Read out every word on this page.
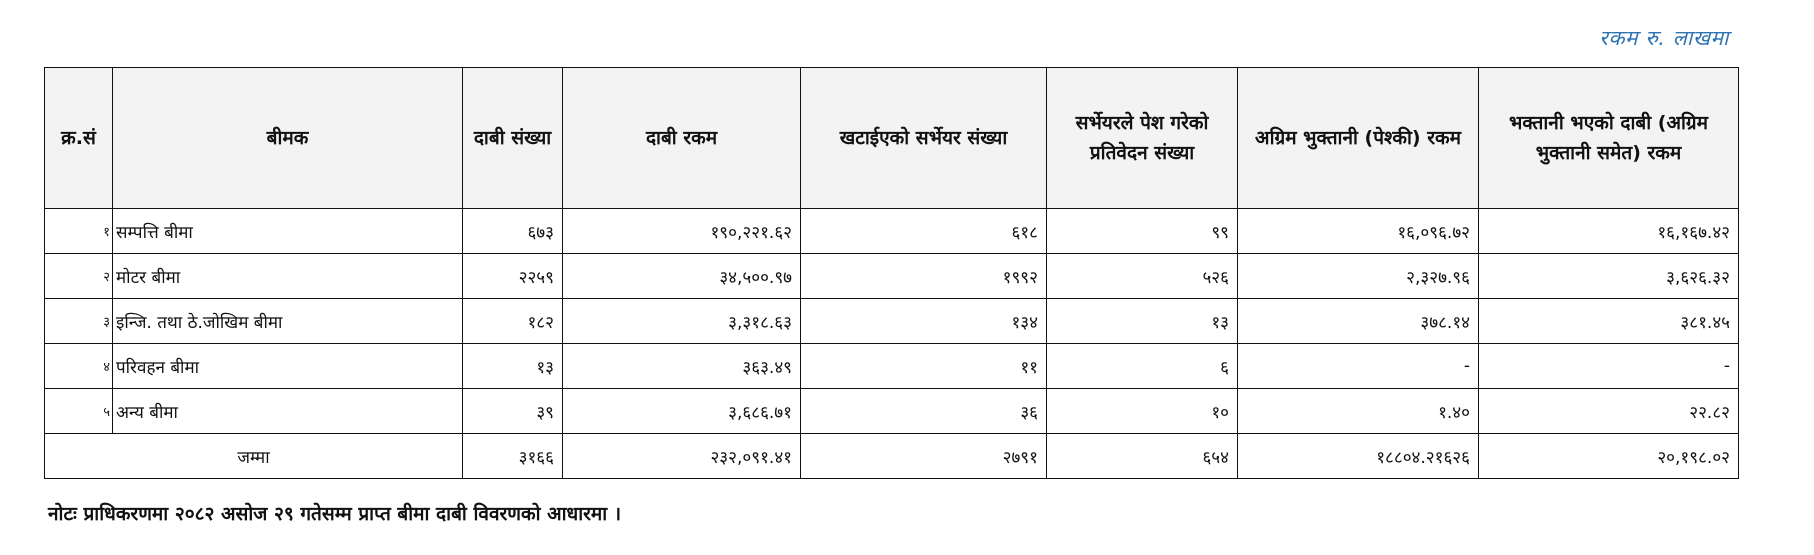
रकम रु. लाखमा
क्र.सं	बीमक	दाबी संख्या	दाबी रकम	खटाईएको सर्भेयर संख्या	सर्भेयरले पेश गरेको प्रतिवेदन संख्या	अग्रिम भुक्तानी (पेश्की) रकम	भक्तानी भएको दाबी (अग्रिम भुक्तानी समेत) रकम
१	सम्पत्ति बीमा	६७३	१९०,२२१.६२	६१८	९९	१६,०९६.७२	१६,१६७.४२
२	मोटर बीमा	२२५९	३४,५००.९७	१९९२	५२६	२,३२७.९६	३,६२६.३२
३	इन्जि. तथा ठे.जोखिम बीमा	१८२	३,३१८.६३	१३४	१३	३७८.१४	३८१.४५
४	परिवहन बीमा	१३	३६३.४९	११	६	-	-
५	अन्य बीमा	३९	३,६८६.७१	३६	१०	१.४०	२२.८२
जम्मा		३१६६	२३२,०९१.४१	२७९१	६५४	१८८०४.२१६२६	२०,१९८.०२
नोटः प्राधिकरणमा २०८२ असोज २९ गतेसम्म प्राप्त बीमा दाबी विवरणको आधारमा ।
